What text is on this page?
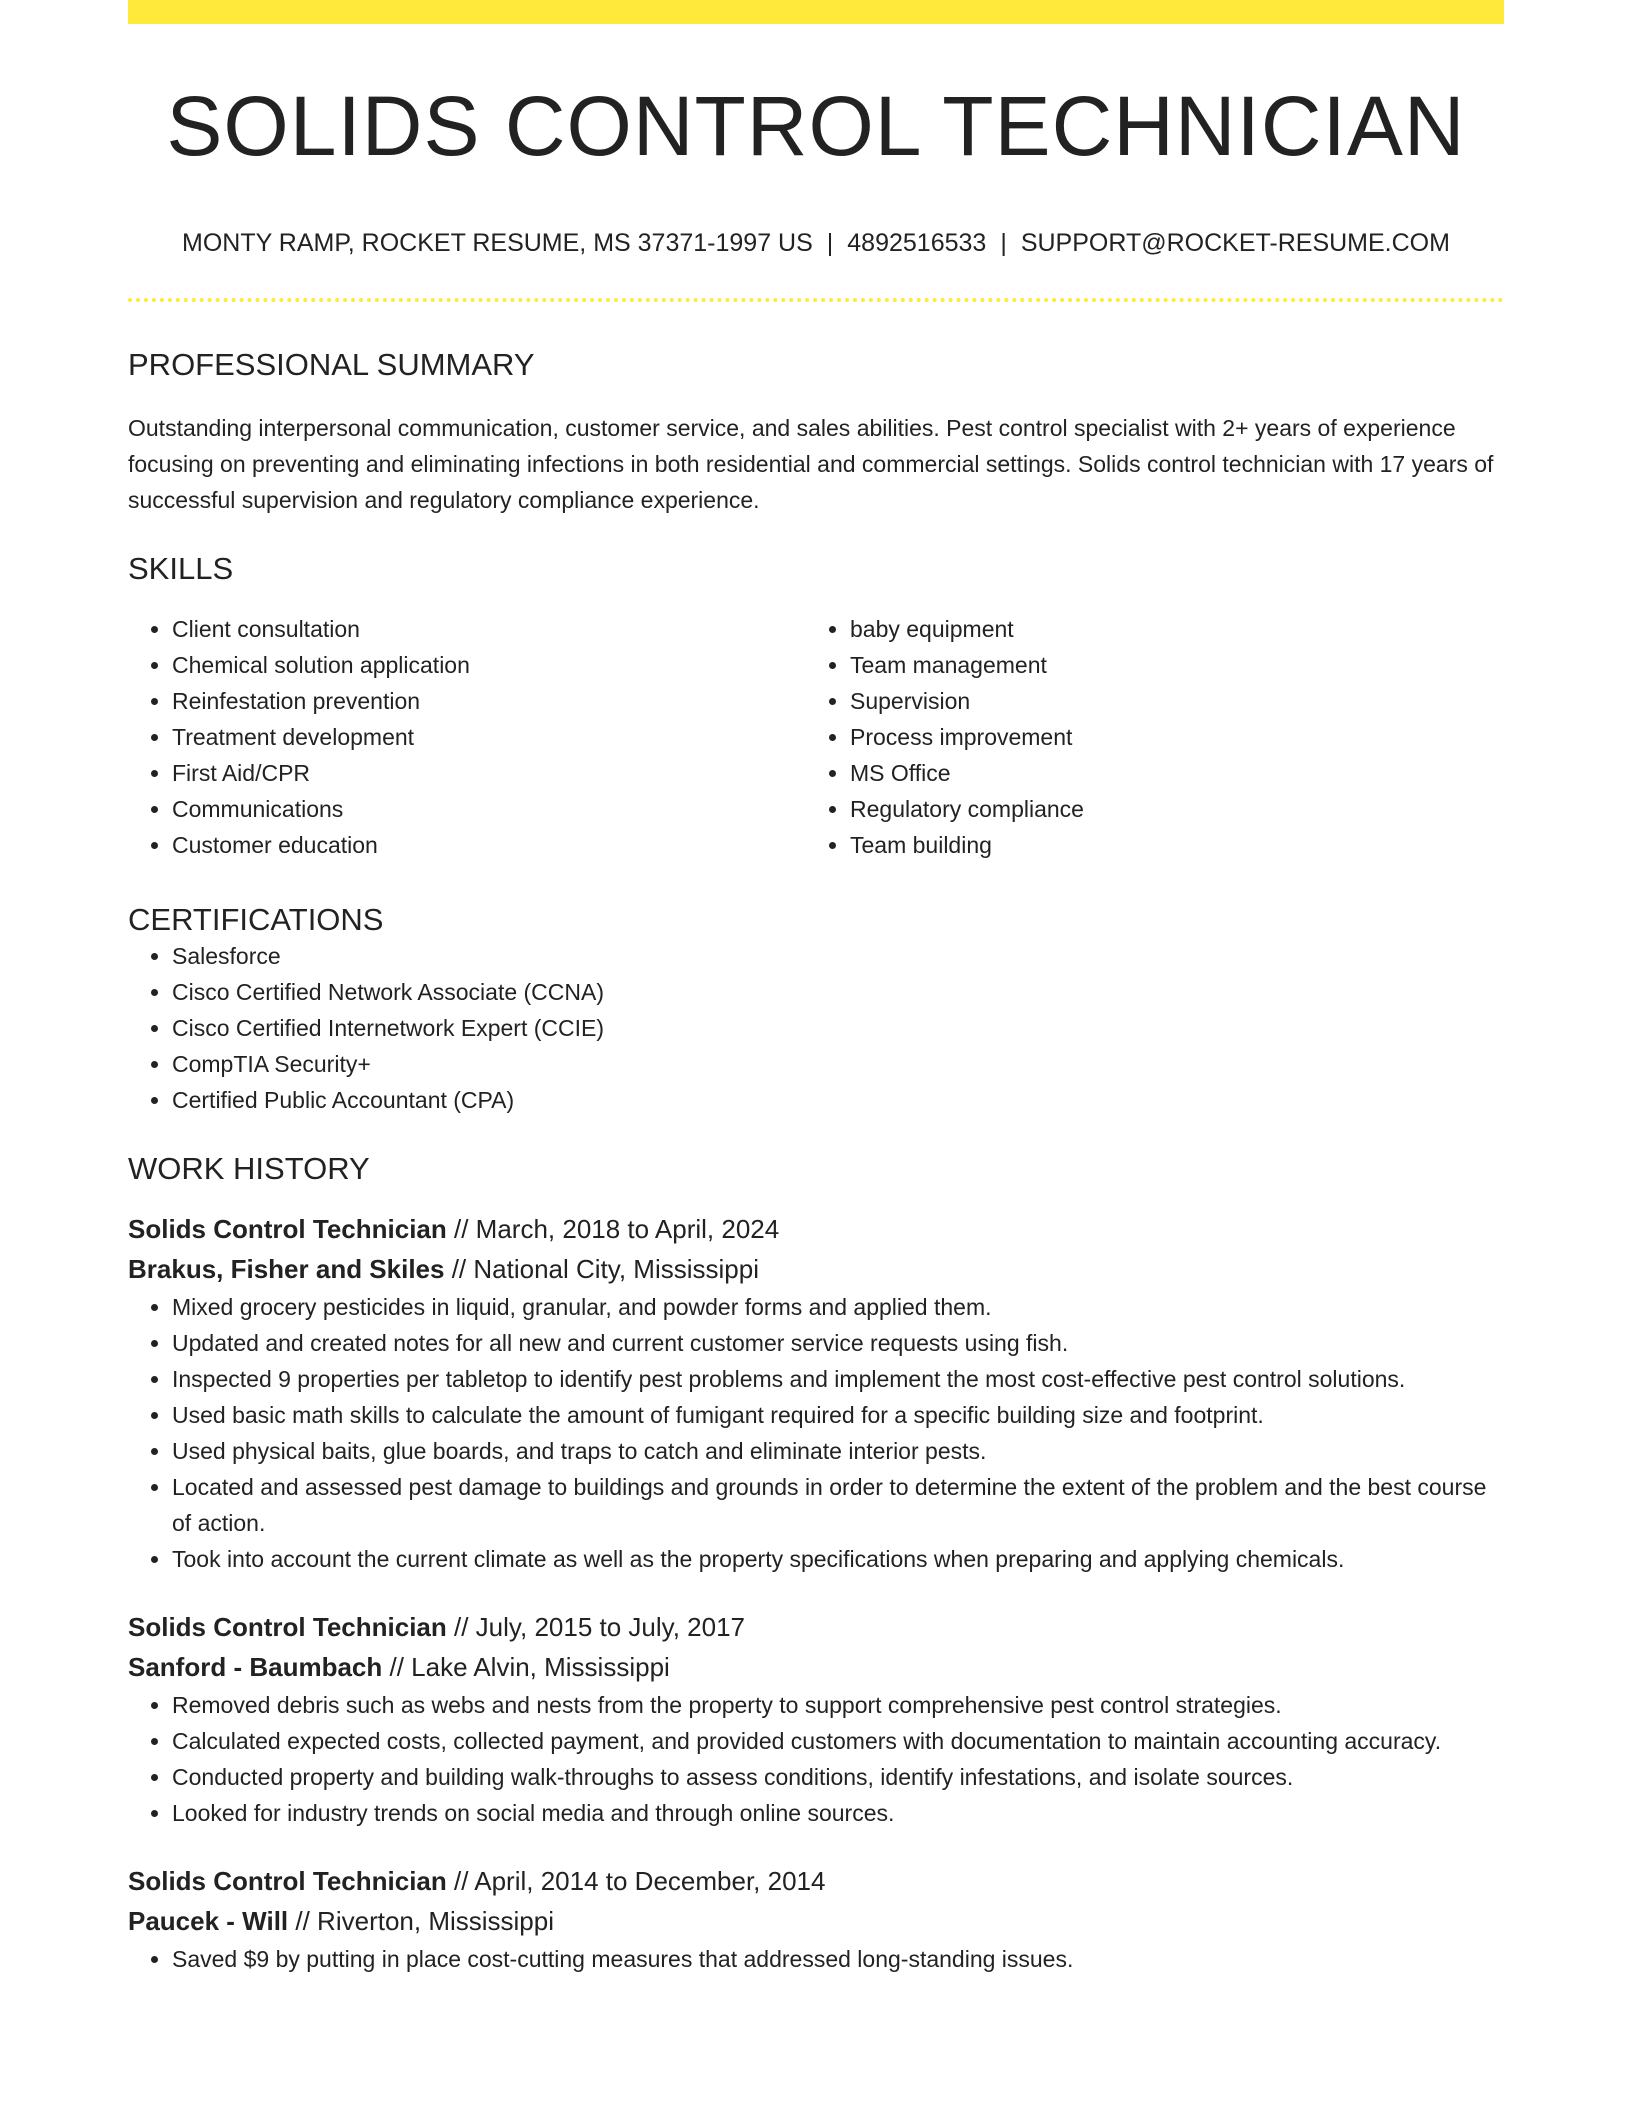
SOLIDS CONTROL TECHNICIAN
MONTY RAMP, ROCKET RESUME, MS 37371-1997 US | 4892516533 | SUPPORT@ROCKET-RESUME.COM
PROFESSIONAL SUMMARY

Outstanding interpersonal communication, customer service, and sales abilities. Pest control specialist with 2+ years of experience focusing on preventing and eliminating infections in both residential and commercial settings. Solids control technician with 17 years of successful supervision and regulatory compliance experience.

SKILLS
• Client consultation
• Chemical solution application
• Reinfestation prevention
• Treatment development
• First Aid/CPR
• Communications
• Customer education
• baby equipment
• Team management
• Supervision
• Process improvement
• MS Office
• Regulatory compliance
• Team building
CERTIFICATIONS
• Salesforce
• Cisco Certified Network Associate (CCNA)
• Cisco Certified Internetwork Expert (CCIE)
• CompTIA Security+
• Certified Public Accountant (CPA)
WORK HISTORY
Solids Control Technician // March, 2018 to April, 2024
Brakus, Fisher and Skiles // National City, Mississippi
• Mixed grocery pesticides in liquid, granular, and powder forms and applied them.
• Updated and created notes for all new and current customer service requests using fish.
• Inspected 9 properties per tabletop to identify pest problems and implement the most cost-effective pest control solutions.
• Used basic math skills to calculate the amount of fumigant required for a specific building size and footprint.
• Used physical baits, glue boards, and traps to catch and eliminate interior pests.
• Located and assessed pest damage to buildings and grounds in order to determine the extent of the problem and the best course of action.
• Took into account the current climate as well as the property specifications when preparing and applying chemicals.
Solids Control Technician // July, 2015 to July, 2017
Sanford - Baumbach // Lake Alvin, Mississippi
• Removed debris such as webs and nests from the property to support comprehensive pest control strategies.
• Calculated expected costs, collected payment, and provided customers with documentation to maintain accounting accuracy.
• Conducted property and building walk-throughs to assess conditions, identify infestations, and isolate sources.
• Looked for industry trends on social media and through online sources.
Solids Control Technician // April, 2014 to December, 2014
Paucek - Will // Riverton, Mississippi
• Saved $9 by putting in place cost-cutting measures that addressed long-standing issues.
